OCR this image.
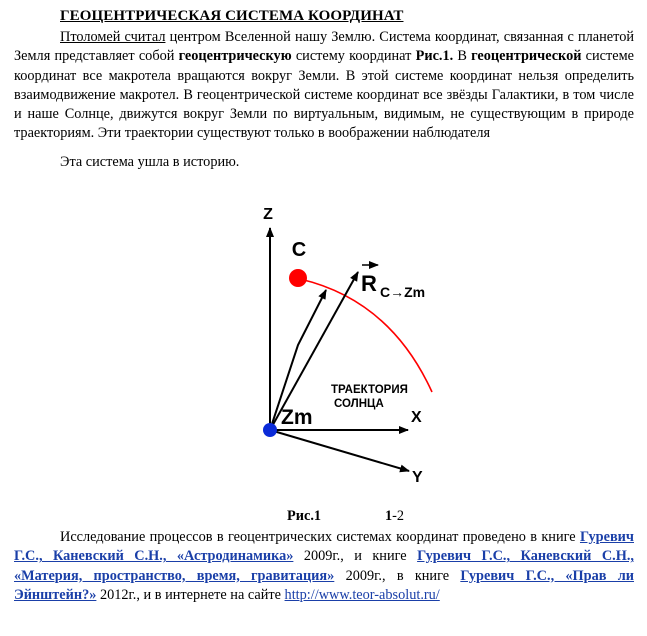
ГЕОЦЕНТРИЧЕСКАЯ СИСТЕМА КООРДИНАТ
Птоломей считал центром Вселенной нашу Землю. Система координат, связанная с планетой Земля представляет собой геоцентрическую систему координат Рис.1. В геоцентрической системе координат все макротела вращаются вокруг Земли. В этой системе координат нельзя определить взаимодвижение макротел. В геоцентрической системе координат все звёзды Галактики, в том числе и наше Солнце, движутся вокруг Земли по виртуальным, видимым, не существующим в природе траекториям. Эти траектории существуют только в воображении наблюдателя
Эта система ушла в историю.
Z
C
Zm	X
Y
R C→Zm
ТРАЕКТОРИЯ
СОЛНЦА
Рис.1	1-2
Исследование процессов в геоцентрических системах координат проведено в книге Гуревич Г.С., Каневский С.Н., «Астродинамика» 2009г., и книге Гуревич Г.С., Каневский С.Н., «Материя, пространство, время, гравитация» 2009г., в книге Гуревич Г.С., «Прав ли Эйнштейн?» 2012г., и в интернете на сайте http://www.teor-absolut.ru/
